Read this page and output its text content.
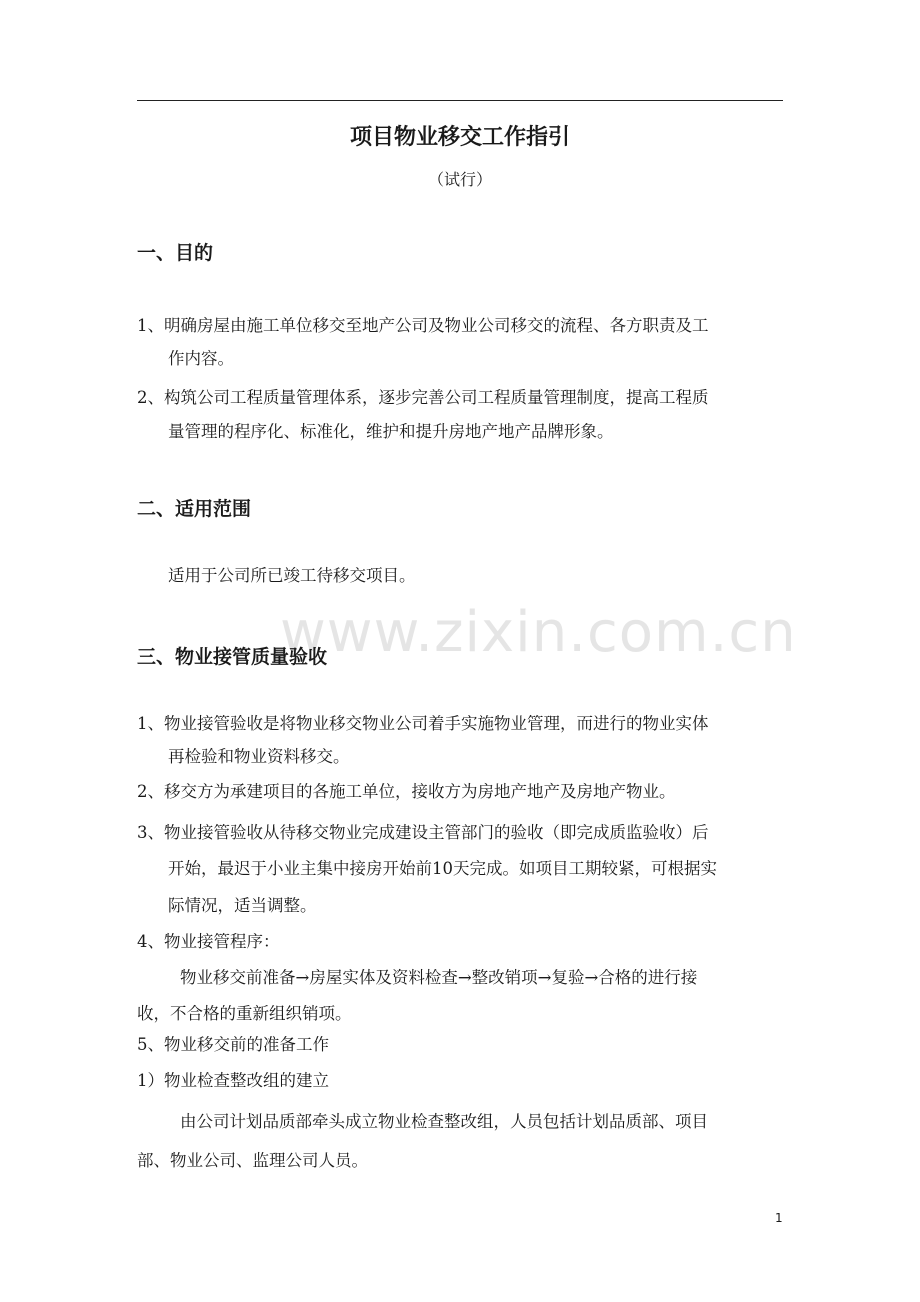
项目物业移交工作指引
（试行）
一、目的
1、明确房屋由施工单位移交至地产公司及物业公司移交的流程、各方职责及工
作内容。
2、构筑公司工程质量管理体系，逐步完善公司工程质量管理制度，提高工程质
量管理的程序化、标准化，维护和提升房地产地产品牌形象。
二、适用范围
适用于公司所已竣工待移交项目。
www.zixin.com.cn
三、物业接管质量验收
1、物业接管验收是将物业移交物业公司着手实施物业管理，而进行的物业实体
再检验和物业资料移交。
2、移交方为承建项目的各施工单位，接收方为房地产地产及房地产物业。
3、物业接管验收从待移交物业完成建设主管部门的验收（即完成质监验收）后
开始，最迟于小业主集中接房开始前10天完成。如项目工期较紧，可根据实
际情况，适当调整。
4、物业接管程序：
物业移交前准备→房屋实体及资料检查→整改销项→复验→合格的进行接
收，不合格的重新组织销项。
5、物业移交前的准备工作
1）物业检查整改组的建立
由公司计划品质部牵头成立物业检查整改组，人员包括计划品质部、项目
部、物业公司、监理公司人员。
1
